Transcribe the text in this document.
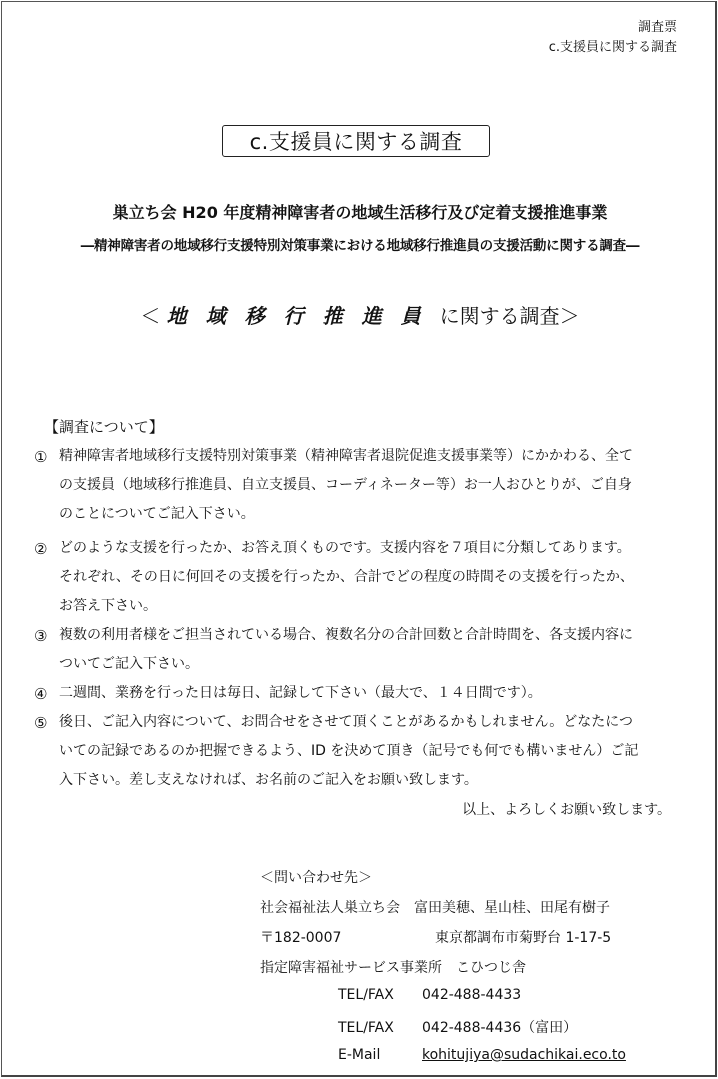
調査票
c.支援員に関する調査
c.支援員に関する調査
巣立ち会 H20 年度精神障害者の地域生活移行及び定着支援推進事業
―精神障害者の地域移行支援特別対策事業における地域移行推進員の支援活動に関する調査―
＜ 地域移行推進員に関する調査＞
【調査について】
① 精神障害者地域移行支援特別対策事業（精神障害者退院促進支援事業等）にかかわる、全て
の支援員（地域移行推進員、自立支援員、コーディネーター等）お一人おひとりが、ご自身
のことについてご記入下さい。
② どのような支援を行ったか、お答え頂くものです。支援内容を７項目に分類してあります。
それぞれ、その日に何回その支援を行ったか、合計でどの程度の時間その支援を行ったか、
お答え下さい。
③ 複数の利用者様をご担当されている場合、複数名分の合計回数と合計時間を、各支援内容に
ついてご記入下さい。
④ 二週間、業務を行った日は毎日、記録して下さい（最大で、１４日間です）。
⑤ 後日、ご記入内容について、お問合せをさせて頂くことがあるかもしれません。どなたにつ
いての記録であるのか把握できるよう、ID を決めて頂き（記号でも何でも構いません）ご記
入下さい。差し支えなければ、お名前のご記入をお願い致します。
以上、よろしくお願い致します。
＜問い合わせ先＞
社会福祉法人巣立ち会　富田美穂、星山桂、田尾有樹子
〒182-0007	東京都調布市菊野台 1-17-5
指定障害福祉サービス事業所　こひつじ舎
TEL/FAX 042-488-4433
TEL/FAX 042-488-4436（富田）
E-Mail	kohitujiya@sudachikai.eco.to
